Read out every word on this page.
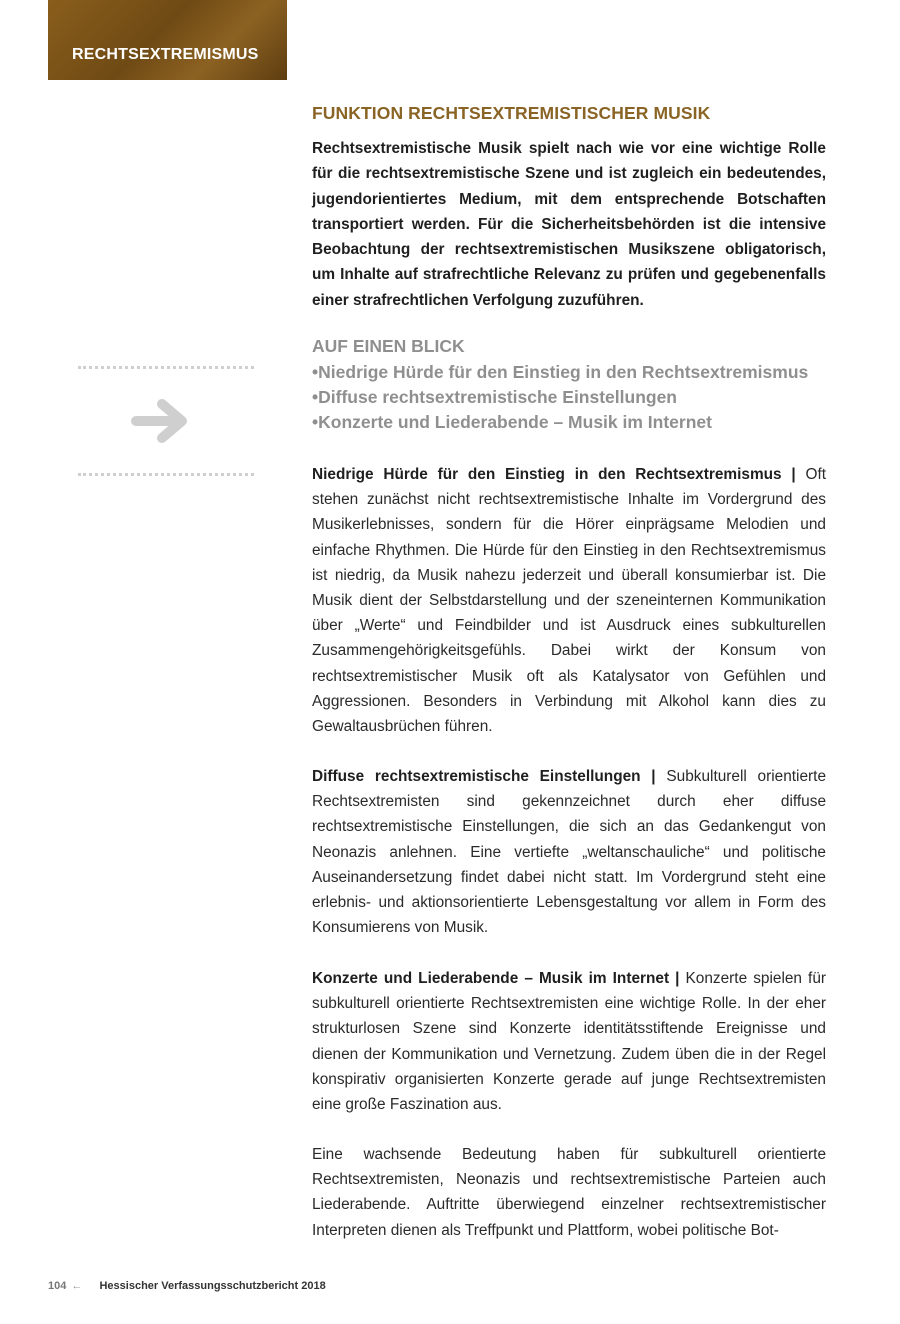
RECHTSEXTREMISMUS
FUNKTION RECHTSEXTREMISTISCHER MUSIK
Rechtsextremistische Musik spielt nach wie vor eine wichtige Rolle für die rechtsextremistische Szene und ist zugleich ein bedeutendes, jugendorientiertes Medium, mit dem entsprechende Botschaften transportiert werden. Für die Sicherheitsbehörden ist die intensive Beobachtung der rechtsextremistischen Musikszene obligatorisch, um Inhalte auf strafrechtliche Relevanz zu prüfen und gegebenenfalls einer strafrechtlichen Verfolgung zuzuführen.
AUF EINEN BLICK
• Niedrige Hürde für den Einstieg in den Rechtsextremismus
• Diffuse rechtsextremistische Einstellungen
• Konzerte und Liederabende – Musik im Internet
Niedrige Hürde für den Einstieg in den Rechtsextremismus | Oft stehen zunächst nicht rechtsextremistische Inhalte im Vordergrund des Musikerlebnisses, sondern für die Hörer einprägsame Melodien und einfache Rhythmen. Die Hürde für den Einstieg in den Rechtsextremismus ist niedrig, da Musik nahezu jederzeit und überall konsumierbar ist. Die Musik dient der Selbstdarstellung und der szeneinternen Kommunikation über „Werte“ und Feindbilder und ist Ausdruck eines subkulturellen Zusammengehörigkeitsgefühls. Dabei wirkt der Konsum von rechtsextremistischer Musik oft als Katalysator von Gefühlen und Aggressionen. Besonders in Verbindung mit Alkohol kann dies zu Gewaltausbrüchen führen.
Diffuse rechtsextremistische Einstellungen | Subkulturell orientierte Rechtsextremisten sind gekennzeichnet durch eher diffuse rechtsextremistische Einstellungen, die sich an das Gedankengut von Neonazis anlehnen. Eine vertiefte „weltanschauliche“ und politische Auseinandersetzung findet dabei nicht statt. Im Vordergrund steht eine erlebnis- und aktionsorientierte Lebensgestaltung vor allem in Form des Konsumierens von Musik.
Konzerte und Liederabende – Musik im Internet | Konzerte spielen für subkulturell orientierte Rechtsextremisten eine wichtige Rolle. In der eher strukturlosen Szene sind Konzerte identitätsstiftende Ereignisse und dienen der Kommunikation und Vernetzung. Zudem üben die in der Regel konspirativ organisierten Konzerte gerade auf junge Rechtsextremisten eine große Faszination aus.
Eine wachsende Bedeutung haben für subkulturell orientierte Rechtsextremisten, Neonazis und rechtsextremistische Parteien auch Liederabende. Auftritte überwiegend einzelner rechtsextremistischer Interpreten dienen als Treffpunkt und Plattform, wobei politische Bot-
104 ← Hessischer Verfassungsschutzbericht 2018
